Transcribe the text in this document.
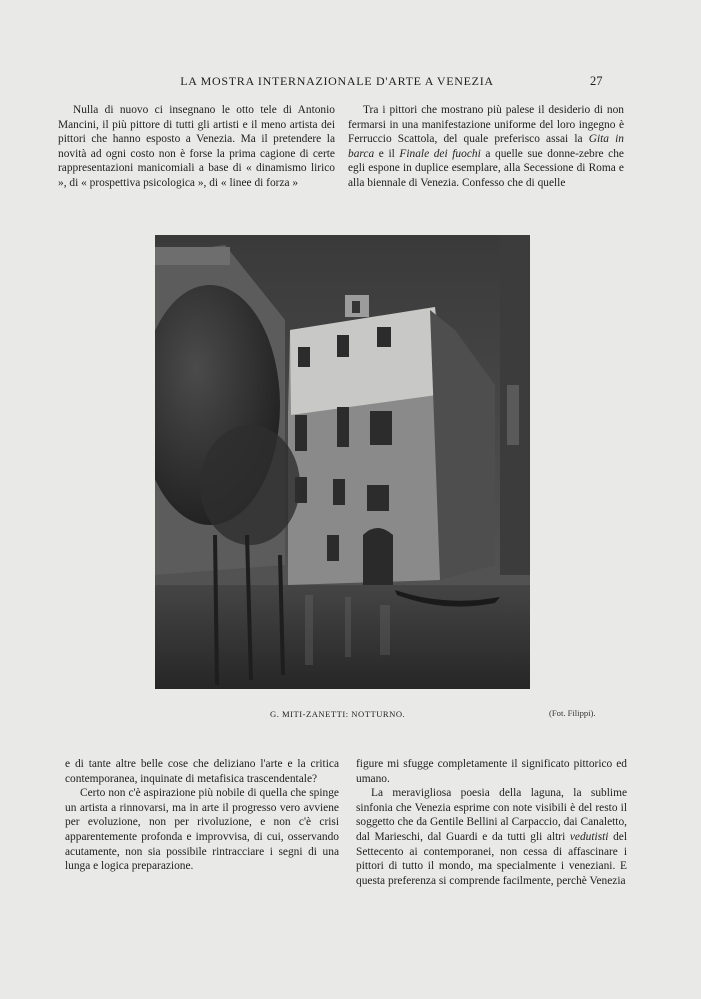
LA MOSTRA INTERNAZIONALE D'ARTE A VENEZIA	27

Nulla di nuovo ci insegnano le otto tele di Antonio Mancini, il più pittore di tutti gli artisti e il meno artista dei pittori che hanno esposto a Venezia. Ma il pretendere la novità ad ogni costo non è forse la prima cagione di certe rappresentazioni manicomiali a base di « dinamismo lirico », di « prospettiva psicologica », di « linee di forza »

Tra i pittori che mostrano più palese il desiderio di non fermarsi in una manifestazione uniforme del loro ingegno è Ferruccio Scattola, del quale preferisco assai la Gita in barca e il Finale dei fuochi a quelle sue donne-zebre che egli espone in duplice esemplare, alla Secessione di Roma e alla biennale di Venezia. Confesso che di quelle

G. MITI-ZANETTI: NOTTURNO.	(Fot. Filippi).

e di tante altre belle cose che deliziano l'arte e la critica contemporanea, inquinate di metafisica trascendentale?

Certo non c'è aspirazione più nobile di quella che spinge un artista a rinnovarsi, ma in arte il progresso vero avviene per evoluzione, non per rivoluzione, e non c'è crisi apparentemente profonda e improvvisa, di cui, osservando acutamente, non sia possibile rintracciare i segni di una lunga e logica preparazione.

figure mi sfugge completamente il significato pittorico ed umano.

La meravigliosa poesia della laguna, la sublime sinfonia che Venezia esprime con note visibili è del resto il soggetto che da Gentile Bellini al Carpaccio, dai Canaletto, dal Marieschi, dal Guardi e da tutti gli altri vedutisti del Settecento ai contemporanei, non cessa di affascinare i pittori di tutto il mondo, ma specialmente i veneziani. E questa preferenza si comprende facilmente, perchè Venezia
